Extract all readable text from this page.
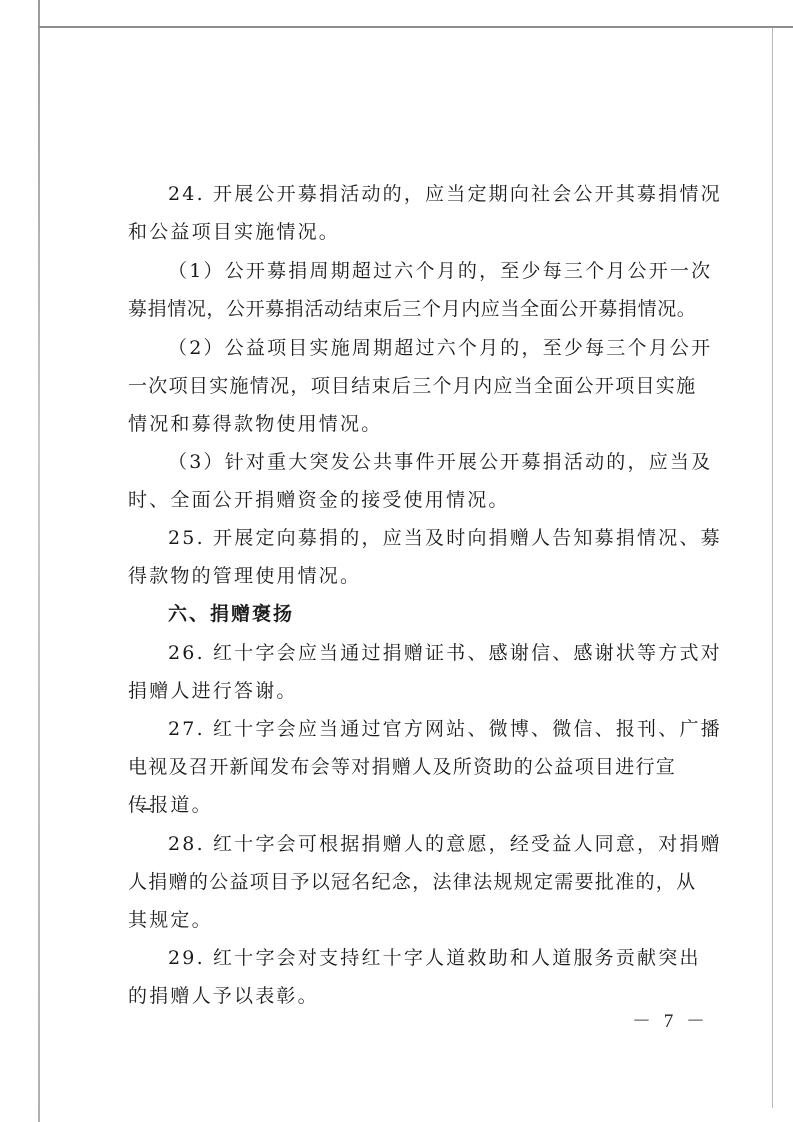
24. 开展公开募捐活动的，应当定期向社会公开其募捐情况
和公益项目实施情况。
（1）公开募捐周期超过六个月的，至少每三个月公开一次
募捐情况，公开募捐活动结束后三个月内应当全面公开募捐情况。
（2）公益项目实施周期超过六个月的，至少每三个月公开
一次项目实施情况，项目结束后三个月内应当全面公开项目实施
情况和募得款物使用情况。
（3）针对重大突发公共事件开展公开募捐活动的，应当及
时、全面公开捐赠资金的接受使用情况。
25. 开展定向募捐的，应当及时向捐赠人告知募捐情况、募
得款物的管理使用情况。
六、捐赠褒扬
26. 红十字会应当通过捐赠证书、感谢信、感谢状等方式对
捐赠人进行答谢。
27. 红十字会应当通过官方网站、微博、微信、报刊、广播
电视及召开新闻发布会等对捐赠人及所资助的公益项目进行宣
传报道。
28. 红十字会可根据捐赠人的意愿，经受益人同意，对捐赠
人捐赠的公益项目予以冠名纪念，法律法规规定需要批准的，从
其规定。
29. 红十字会对支持红十字人道救助和人道服务贡献突出
的捐赠人予以表彰。
－ 7 －
